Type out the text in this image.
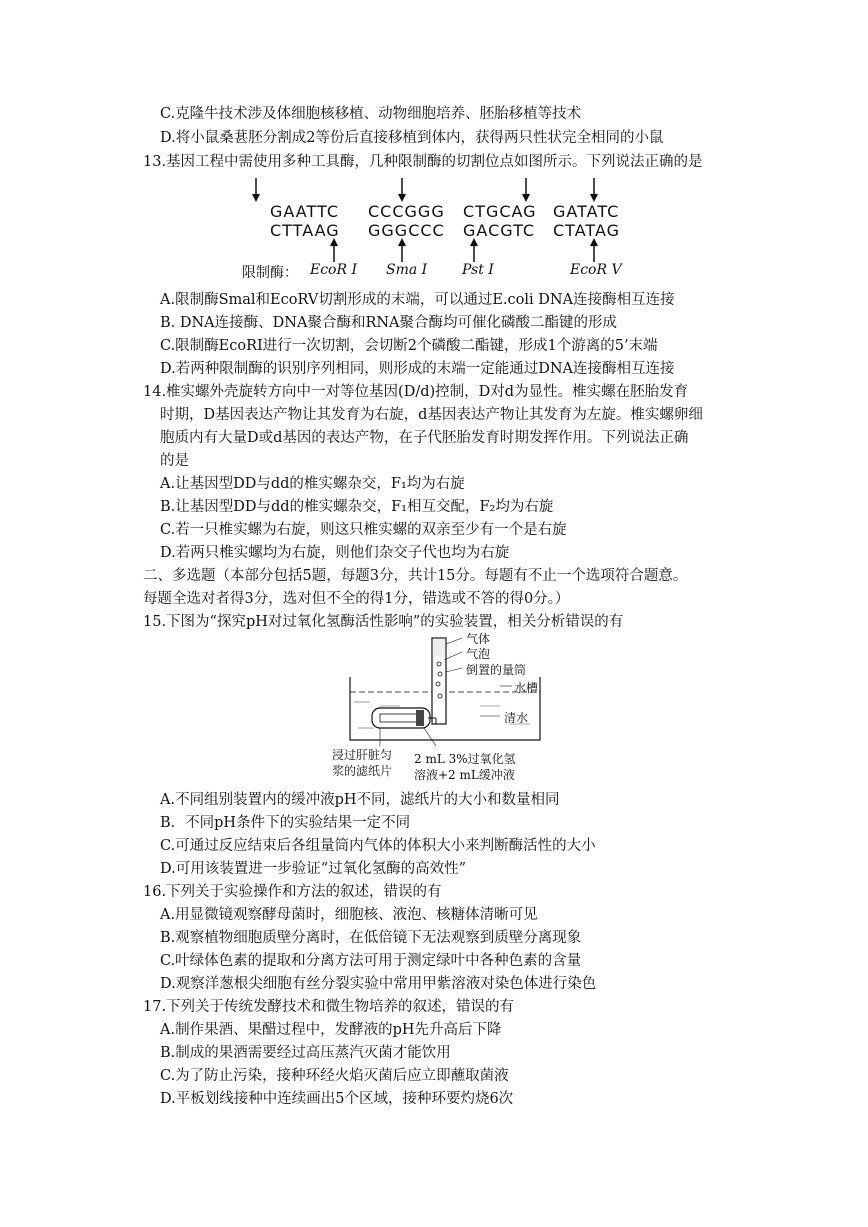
C.克隆牛技术涉及体细胞核移植、动物细胞培养、胚胎移植等技术
D.将小鼠桑葚胚分割成2等份后直接移植到体内，获得两只性状完全相同的小鼠
13.基因工程中需使用多种工具酶，几种限制酶的切割位点如图所示。下列说法正确的是
GAATTC
CTTAAG
CCCGGG
GGGCCC
CTGCAG
GACGTC
GATATC
CTATAG
限制酶： EcoR I Sma I Pst I	EcoR V
A.限制酶Smal和EcoRV切割形成的末端，可以通过E.coli DNA连接酶相互连接
B. DNA连接酶、DNA聚合酶和RNA聚合酶均可催化磷酸二酯键的形成
C.限制酶EcoRI进行一次切割，会切断2个磷酸二酯键，形成1个游离的5’末端
D.若两种限制酶的识别序列相同，则形成的末端一定能通过DNA连接酶相互连接
14.椎实螺外壳旋转方向中一对等位基因(D/d)控制，D对d为显性。椎实螺在胚胎发育
时期，D基因表达产物让其发育为右旋，d基因表达产物让其发育为左旋。椎实螺卵细
胞质内有大量D或d基因的表达产物，在子代胚胎发育时期发挥作用。下列说法正确
的是
A.让基因型DD与dd的椎实螺杂交，F₁均为右旋
B.让基因型DD与dd的椎实螺杂交，F₁相互交配，F₂均为右旋
C.若一只椎实螺为右旋，则这只椎实螺的双亲至少有一个是右旋
D.若两只椎实螺均为右旋，则他们杂交子代也均为右旋
二、多选题（本部分包括5题，每题3分，共计15分。每题有不止一个选项符合题意。
每题全选对者得3分，选对但不全的得1分，错选或不答的得0分。）
15.下图为“探究pH对过氧化氢酶活性影响”的实验装置，相关分析错误的有
气体
气泡
倒置的量筒
水槽
清水
浸过肝脏匀
浆的滤纸片
2 mL 3%过氧化氢
溶液+2 mL缓冲液
A.不同组别装置内的缓冲液pH不同，滤纸片的大小和数量相同
B．不同pH条件下的实验结果一定不同
C.可通过反应结束后各组量筒内气体的体积大小来判断酶活性的大小
D.可用该装置进一步验证“过氧化氢酶的高效性”
16.下列关于实验操作和方法的叙述，错误的有
A.用显微镜观察酵母菌时，细胞核、液泡、核糖体清晰可见
B.观察植物细胞质壁分离时，在低倍镜下无法观察到质壁分离现象
C.叶绿体色素的提取和分离方法可用于测定绿叶中各种色素的含量
D.观察洋葱根尖细胞有丝分裂实验中常用甲紫溶液对染色体进行染色
17.下列关于传统发酵技术和微生物培养的叙述，错误的有
A.制作果酒、果醋过程中，发酵液的pH先升高后下降
B.制成的果酒需要经过高压蒸汽灭菌才能饮用
C.为了防止污染，接种环经火焰灭菌后应立即蘸取菌液
D.平板划线接种中连续画出5个区域，接种环要灼烧6次
